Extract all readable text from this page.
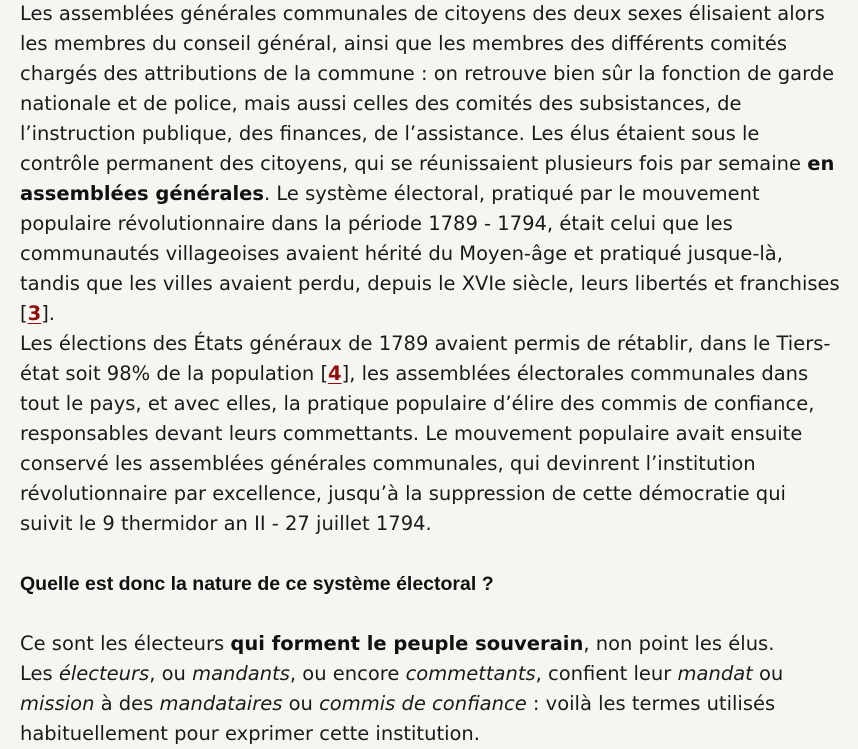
Les assemblées générales communales de citoyens des deux sexes élisaient alors les membres du conseil général, ainsi que les membres des différents comités chargés des attributions de la commune : on retrouve bien sûr la fonction de garde nationale et de police, mais aussi celles des comités des subsistances, de l’instruction publique, des finances, de l’assistance. Les élus étaient sous le contrôle permanent des citoyens, qui se réunissaient plusieurs fois par semaine en assemblées générales. Le système électoral, pratiqué par le mouvement populaire révolutionnaire dans la période 1789 - 1794, était celui que les communautés villageoises avaient hérité du Moyen-âge et pratiqué jusque-là, tandis que les villes avaient perdu, depuis le XVIe siècle, leurs libertés et franchises [3].

Les élections des États généraux de 1789 avaient permis de rétablir, dans le Tiers-état soit 98% de la population [4], les assemblées électorales communales dans tout le pays, et avec elles, la pratique populaire d’élire des commis de confiance, responsables devant leurs commettants. Le mouvement populaire avait ensuite conservé les assemblées générales communales, qui devinrent l’institution révolutionnaire par excellence, jusqu’à la suppression de cette démocratie qui suivit le 9 thermidor an II - 27 juillet 1794.

Quelle est donc la nature de ce système électoral ?

Ce sont les électeurs qui forment le peuple souverain, non point les élus.
Les électeurs, ou mandants, ou encore commettants, confient leur mandat ou mission à des mandataires ou commis de confiance : voilà les termes utilisés habituellement pour exprimer cette institution.
